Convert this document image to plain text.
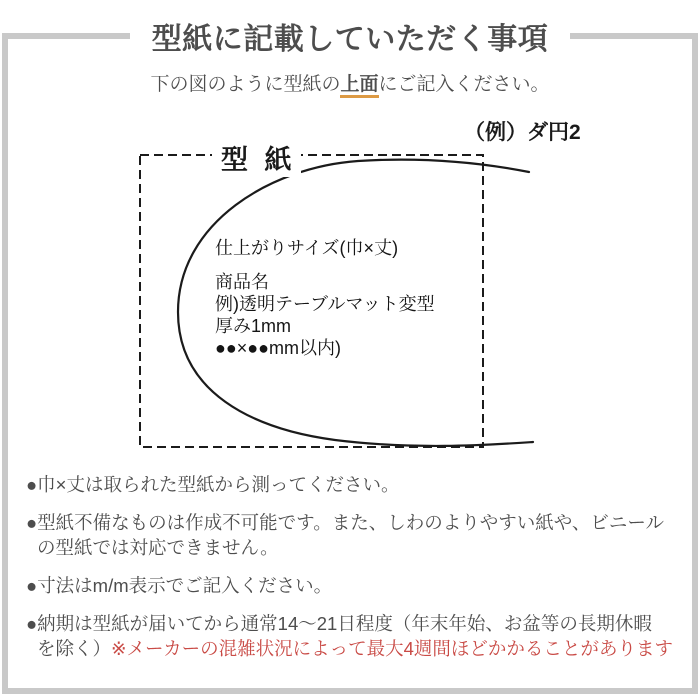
型紙に記載していただく事項

下の図のように型紙の上面にご記入ください。

（例）ダ円2
型 紙
仕上がりサイズ(巾×丈)
商品名
例)透明テーブルマット変型
厚み1mm
●●×●●mm以内)
●巾×丈は取られた型紙から測ってください。
●型紙不備なものは作成不可能です。また、しわのよりやすい紙や、ビニール
の型紙では対応できません。
●寸法はm/m表示でご記入ください。
●納期は型紙が届いてから通常14～21日程度（年末年始、お盆等の長期休暇
を除く）※メーカーの混雑状況によって最大4週間ほどかかることがあります
